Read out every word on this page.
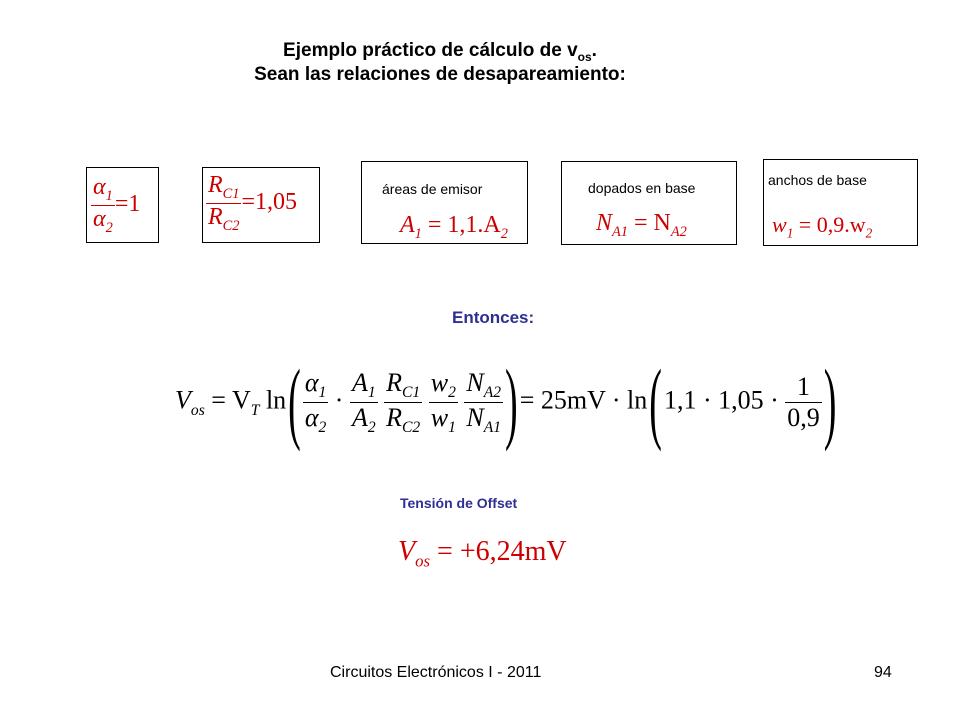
Ejemplo práctico de cálculo de $v_{os}$.
Sean las relaciones de desapareamiento:
$\frac{\alpha_1}{\alpha_2} =1$	$\frac{R_{C1}}{R_{C2}} =1,05$	áreas de emisor
$A_1 = 1,1.A_2$
dopados en base
$N_{A1} = N_{A2}$
anchos de base
$w_1 = 0,9.w_2$
Entonces:
$V_{os} = V_T$ $\ln( \frac{\alpha_1}{\alpha_2} \cdot \frac{A_1}{A_2}$
$\frac{R_{C1}}{R_{C2}}$
$\frac{w_2}{w_1}$
$\frac{N_{A2}}{N_{A1}}$ )= $25mV \cdot \ln(1,1 \cdot 1,05 \cdot \frac{1}{0,9}$ )
Tensión de Offset
$V_{os} = +6,24mV$
Circuitos Electrónicos I - 2011	94
